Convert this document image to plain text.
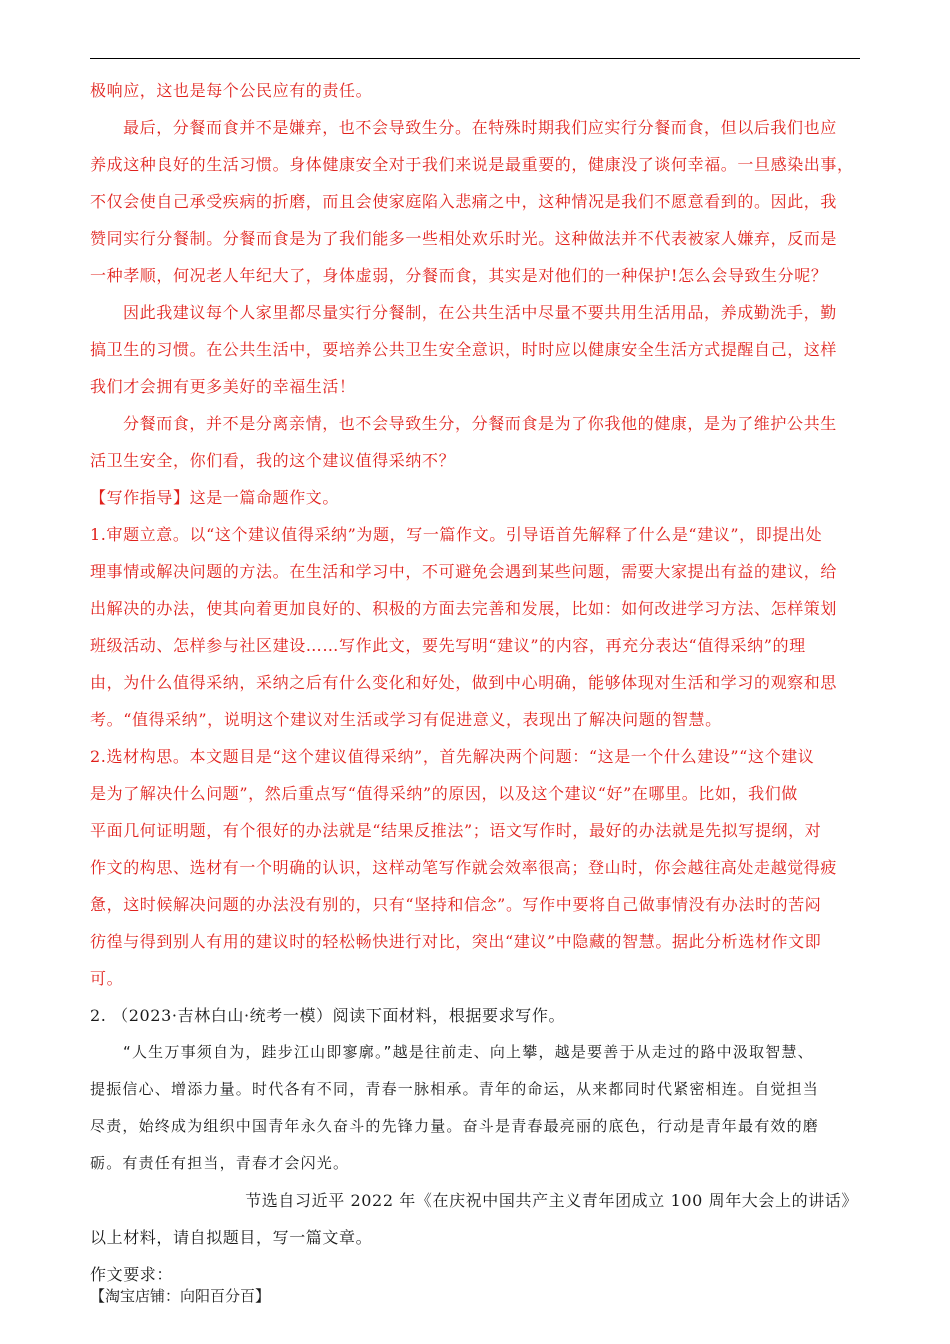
极响应，这也是每个公民应有的责任。
最后，分餐而食并不是嫌弃，也不会导致生分。在特殊时期我们应实行分餐而食，但以后我们也应
养成这种良好的生活习惯。身体健康安全对于我们来说是最重要的，健康没了谈何幸福。一旦感染出事，
不仅会使自己承受疾病的折磨，而且会使家庭陷入悲痛之中，这种情况是我们不愿意看到的。因此，我
赞同实行分餐制。分餐而食是为了我们能多一些相处欢乐时光。这种做法并不代表被家人嫌弃，反而是
一种孝顺，何况老人年纪大了，身体虚弱，分餐而食，其实是对他们的一种保护!怎么会导致生分呢？
因此我建议每个人家里都尽量实行分餐制，在公共生活中尽量不要共用生活用品，养成勤洗手，勤
搞卫生的习惯。在公共生活中，要培养公共卫生安全意识，时时应以健康安全生活方式提醒自己，这样
我们才会拥有更多美好的幸福生活！
分餐而食，并不是分离亲情，也不会导致生分，分餐而食是为了你我他的健康，是为了维护公共生
活卫生安全，你们看，我的这个建议值得采纳不？
【写作指导】这是一篇命题作文。
1.审题立意。以“这个建议值得采纳”为题，写一篇作文。引导语首先解释了什么是“建议”，即提出处
理事情或解决问题的方法。在生活和学习中，不可避免会遇到某些问题，需要大家提出有益的建议，给
出解决的办法，使其向着更加良好的、积极的方面去完善和发展，比如：如何改进学习方法、怎样策划
班级活动、怎样参与社区建设……写作此文，要先写明“建议”的内容，再充分表达“值得采纳”的理
由，为什么值得采纳，采纳之后有什么变化和好处，做到中心明确，能够体现对生活和学习的观察和思
考。“值得采纳”，说明这个建议对生活或学习有促进意义，表现出了解决问题的智慧。
2.选材构思。本文题目是“这个建议值得采纳”，首先解决两个问题：“这是一个什么建设”“这个建议
是为了解决什么问题”，然后重点写“值得采纳”的原因，以及这个建议“好”在哪里。比如，我们做
平面几何证明题，有个很好的办法就是“结果反推法”；语文写作时，最好的办法就是先拟写提纲，对
作文的构思、选材有一个明确的认识，这样动笔写作就会效率很高；登山时，你会越往高处走越觉得疲
惫，这时候解决问题的办法没有别的，只有“坚持和信念”。写作中要将自己做事情没有办法时的苦闷
彷徨与得到别人有用的建议时的轻松畅快进行对比，突出“建议”中隐藏的智慧。据此分析选材作文即
可。
2. （2023·吉林白山·统考一模）阅读下面材料，根据要求写作。
“人生万事须自为，跬步江山即寥廓。”越是往前走、向上攀，越是要善于从走过的路中汲取智慧、
提振信心、增添力量。时代各有不同，青春一脉相承。青年的命运，从来都同时代紧密相连。自觉担当
尽责，始终成为组织中国青年永久奋斗的先锋力量。奋斗是青春最亮丽的底色，行动是青年最有效的磨
砺。有责任有担当，青春才会闪光。
节选自习近平 2022 年《在庆祝中国共产主义青年团成立 100 周年大会上的讲话》
以上材料，请自拟题目，写一篇文章。
作文要求：
【淘宝店铺：向阳百分百】
